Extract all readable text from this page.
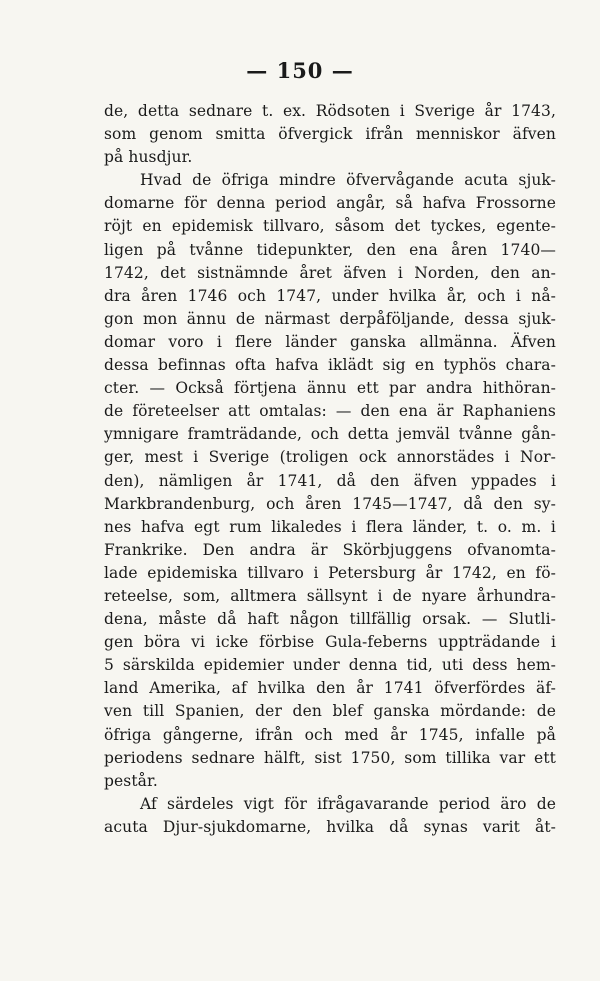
— 150 —
de, detta sednare t. ex. Rödsoten i Sverige år 1743,
som genom smitta öfvergick ifrån menniskor äfven
på husdjur.
Hvad de öfriga mindre öfvervågande acuta sjuk-
domarne för denna period angår, så hafva Frossorne
röjt en epidemisk tillvaro, såsom det tyckes, egente-
ligen på tvånne tidepunkter, den ena åren 1740—
1742, det sistnämnde året äfven i Norden, den an-
dra åren 1746 och 1747, under hvilka år, och i nå-
gon mon ännu de närmast derpåföljande, dessa sjuk-
domar voro i flere länder ganska allmänna. Äfven
dessa befinnas ofta hafva iklädt sig en typhös chara-
cter. — Också förtjena ännu ett par andra hithöran-
de företeelser att omtalas: — den ena är Raphaniens
ymnigare framträdande, och detta jemväl tvånne gån-
ger, mest i Sverige (troligen ock annorstädes i Nor-
den), nämligen år 1741, då den äfven yppades i
Markbrandenburg, och åren 1745—1747, då den sy-
nes hafva egt rum likaledes i flera länder, t. o. m. i
Frankrike. Den andra är Skörbjuggens ofvanomta-
lade epidemiska tillvaro i Petersburg år 1742, en fö-
reteelse, som, alltmera sällsynt i de nyare århundra-
dena, måste då haft någon tillfällig orsak. — Slutli-
gen böra vi icke förbise Gula-feberns uppträdande i
5 särskilda epidemier under denna tid, uti dess hem-
land Amerika, af hvilka den år 1741 öfverfördes äf-
ven till Spanien, der den blef ganska mördande: de
öfriga gångerne, ifrån och med år 1745, infalle på
periodens sednare hälft, sist 1750, som tillika var ett
pestår.
Af särdeles vigt för ifrågavarande period äro de
acuta Djur-sjukdomarne, hvilka då synas varit åt-
